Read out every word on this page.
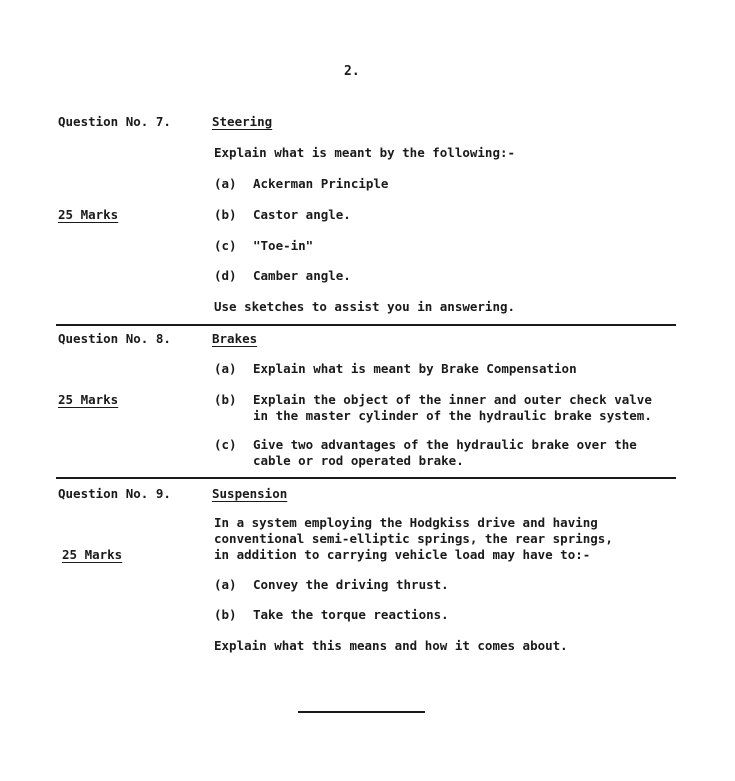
2.
Question No. 7.	Steering
Explain what is meant by the following:-
(a) Ackerman Principle
25 Marks	(b) Castor angle.
(c) "Toe-in"
(d) Camber angle.
Use sketches to assist you in answering.
Question No. 8.	Brakes
(a) Explain what is meant by Brake Compensation
25 Marks	(b) Explain the object of the inner and outer check valve
in the master cylinder of the hydraulic brake system.
(c) Give two advantages of the hydraulic brake over the
cable or rod operated brake.
Question No. 9.	Suspension
In a system employing the Hodgkiss drive and having
conventional semi-elliptic springs, the rear springs,
in addition to carrying vehicle load may have to:-
25 Marks
(a) Convey the driving thrust.
(b) Take the torque reactions.
Explain what this means and how it comes about.
